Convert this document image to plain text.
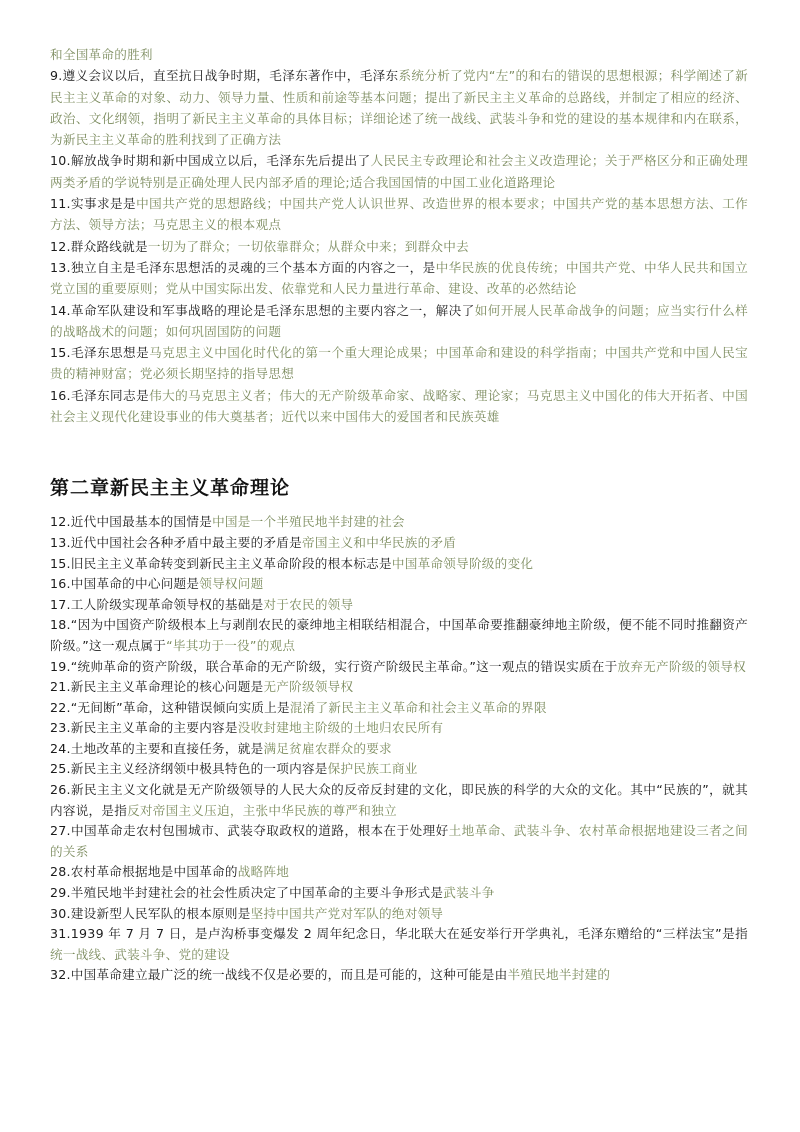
和全国革命的胜利

9.遵义会议以后，直至抗日战争时期，毛泽东著作中，毛泽东系统分析了党内“左”的和右的错误的思想根源；科学阐述了新民主主义革命的对象、动力、领导力量、性质和前途等基本问题；提出了新民主主义革命的总路线，并制定了相应的经济、政治、文化纲领，指明了新民主主义革命的具体目标；详细论述了统一战线、武装斗争和党的建设的基本规律和内在联系，为新民主主义革命的胜利找到了正确方法

10.解放战争时期和新中国成立以后，毛泽东先后提出了人民民主专政理论和社会主义改造理论；关于严格区分和正确处理两类矛盾的学说特别是正确处理人民内部矛盾的理论;适合我国国情的中国工业化道路理论

11.实事求是是中国共产党的思想路线；中国共产党人认识世界、改造世界的根本要求；中国共产党的基本思想方法、工作方法、领导方法；马克思主义的根本观点

12.群众路线就是一切为了群众；一切依靠群众；从群众中来；到群众中去

13.独立自主是毛泽东思想活的灵魂的三个基本方面的内容之一，是中华民族的优良传统；中国共产党、中华人民共和国立党立国的重要原则；党从中国实际出发、依靠党和人民力量进行革命、建设、改革的必然结论

14.革命军队建设和军事战略的理论是毛泽东思想的主要内容之一，解决了如何开展人民革命战争的问题；应当实行什么样的战略战术的问题；如何巩固国防的问题

15.毛泽东思想是马克思主义中国化时代化的第一个重大理论成果；中国革命和建设的科学指南；中国共产党和中国人民宝贵的精神财富；党必须长期坚持的指导思想

16.毛泽东同志是伟大的马克思主义者；伟大的无产阶级革命家、战略家、理论家；马克思主义中国化的伟大开拓者、中国社会主义现代化建设事业的伟大奠基者；近代以来中国伟大的爱国者和民族英雄

第二章新民主主义革命理论

12.近代中国最基本的国情是中国是一个半殖民地半封建的社会

13.近代中国社会各种矛盾中最主要的矛盾是帝国主义和中华民族的矛盾

15.旧民主主义革命转变到新民主主义革命阶段的根本标志是中国革命领导阶级的变化

16.中国革命的中心问题是领导权问题

17.工人阶级实现革命领导权的基础是对于农民的领导

18.“因为中国资产阶级根本上与剥削农民的豪绅地主相联结相混合，中国革命要推翻豪绅地主阶级，便不能不同时推翻资产阶级。”这一观点属于“毕其功于一役”的观点

19.“统帅革命的资产阶级，联合革命的无产阶级，实行资产阶级民主革命。”这一观点的错误实质在于放弃无产阶级的领导权

21.新民主主义革命理论的核心问题是无产阶级领导权

22.“无间断”革命，这种错误倾向实质上是混淆了新民主主义革命和社会主义革命的界限

23.新民主主义革命的主要内容是没收封建地主阶级的土地归农民所有

24.土地改革的主要和直接任务，就是满足贫雇农群众的要求

25.新民主主义经济纲领中极具特色的一项内容是保护民族工商业

26.新民主主义文化就是无产阶级领导的人民大众的反帝反封建的文化，即民族的科学的大众的文化。其中“民族的”，就其内容说，是指反对帝国主义压迫，主张中华民族的尊严和独立

27.中国革命走农村包围城市、武装夺取政权的道路，根本在于处理好土地革命、武装斗争、农村革命根据地建设三者之间的关系

28.农村革命根据地是中国革命的战略阵地

29.半殖民地半封建社会的社会性质决定了中国革命的主要斗争形式是武装斗争

30.建设新型人民军队的根本原则是坚持中国共产党对军队的绝对领导

31.1939 年 7 月 7 日，是卢沟桥事变爆发 2 周年纪念日，华北联大在延安举行开学典礼，毛泽东赠给的“三样法宝”是指统一战线、武装斗争、党的建设

32.中国革命建立最广泛的统一战线不仅是必要的，而且是可能的，这种可能是由半殖民地半封建的
